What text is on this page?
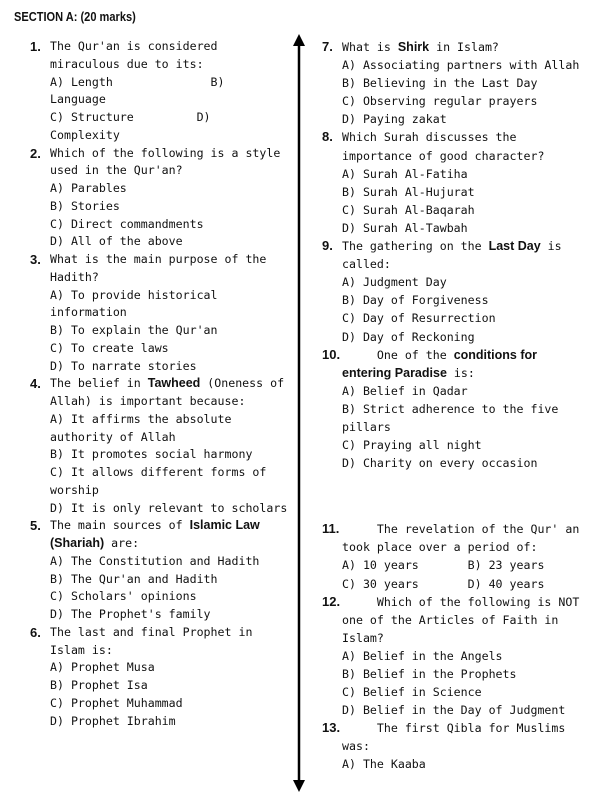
SECTION A: (20 marks)
1. The Qur'an is considered
miraculous due to its:
A) Length              B)
Language
C) Structure         D)
Complexity
2. Which of the following is a style
used in the Qur'an?
A) Parables
B) Stories
C) Direct commandments
D) All of the above
3. What is the main purpose of the
Hadith?
A) To provide historical
information
B) To explain the Qur'an
C) To create laws
D) To narrate stories
4. The belief in Tawheed (Oneness of
Allah) is important because:
A) It affirms the absolute
authority of Allah
B) It promotes social harmony
C) It allows different forms of
worship
D) It is only relevant to scholars
5. The main sources of Islamic Law
(Shariah) are:
A) The Constitution and Hadith
B) The Qur'an and Hadith
C) Scholars' opinions
D) The Prophet's family
6. The last and final Prophet in
Islam is:
A) Prophet Musa
B) Prophet Isa
C) Prophet Muhammad
D) Prophet Ibrahim
7. What is Shirk in Islam?
A) Associating partners with Allah
B) Believing in the Last Day
C) Observing regular prayers
D) Paying zakat
8. Which Surah discusses the
importance of good character?
A) Surah Al-Fatiha
B) Surah Al-Hujurat
C) Surah Al-Baqarah
D) Surah Al-Tawbah
9. The gathering on the Last Day is
called:
A) Judgment Day
B) Day of Forgiveness
C) Day of Resurrection
D) Day of Reckoning
10. One of the conditions for
entering Paradise is:
A) Belief in Qadar
B) Strict adherence to the five
pillars
C) Praying all night
D) Charity on every occasion
11. The revelation of the Qur' an
took place over a period of:
A) 10 years       B) 23 years
C) 30 years       D) 40 years
12. Which of the following is NOT
one of the Articles of Faith in
Islam?
A) Belief in the Angels
B) Belief in the Prophets
C) Belief in Science
D) Belief in the Day of Judgment
13. The first Qibla for Muslims
was:
A) The Kaaba
